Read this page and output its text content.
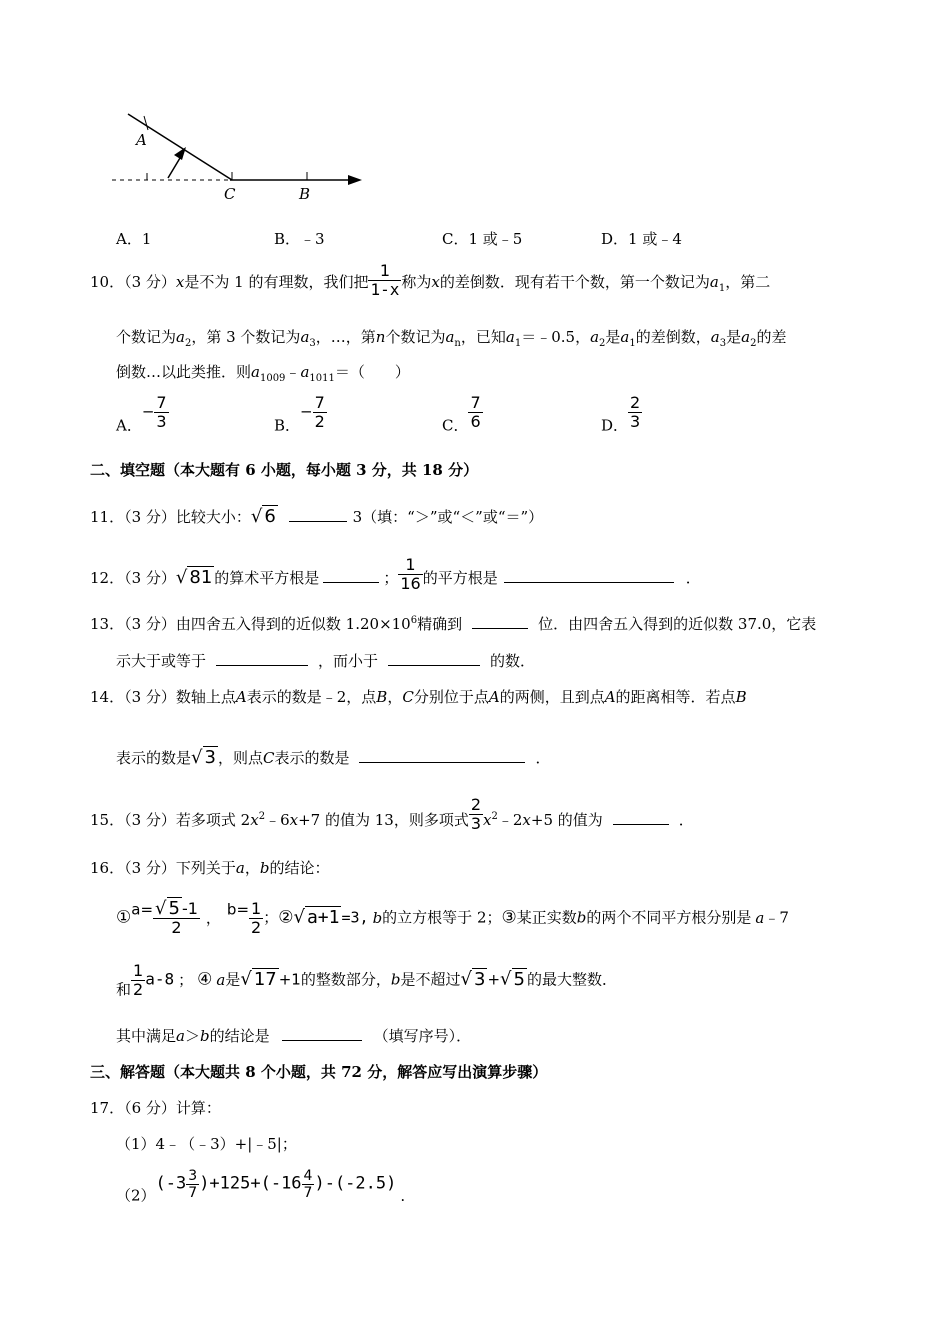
A
C	B
A．1	B．﹣3	C．1 或﹣5	D．1 或﹣4
10．（3 分）x是不为 1 的有理数，我们把 $\frac{1}{1-x}$ 称为x的差倒数．现有若干个数，第一个数记为$a_1$，第二
个数记为$a_2$，第 3 个数记为$a_3$，…，第n个数记为$a_n$，已知$a_1=﹣0.5$，$a_2$是$a_1$的差倒数，$a_3$是$a_2$的差
倒数…以此类推．则$a_{1009}﹣a_{1011}=$（　　）
A．− $\frac{7}{3}$	B．− $\frac{7}{2}$	C． $\frac{7}{6}$	D． $\frac{2}{3}$
二、填空题（本大题有 6 小题，每小题 3 分，共 18 分）
11．（3 分）比较大小：√ 6	3（填：“＞”或“＜”或“＝”）
12．（3 分）√ 81 的算术平方根是	； $\frac{1}{16}$ 的平方根是	．
13．（3 分）由四舍五入得到的近似数 $1.20\times 10^6$精确到	位．由四舍五入得到的近似数 37.0，它表
示大于或等于	，而小于	的数．
14．（3 分）数轴上点A表示的数是﹣2，点B，C分别位于点A的两侧，且到点A的距离相等．若点B
表示的数是√ 3 ，则点C表示的数是	．
15．（3 分）若多项式 $2x^2﹣6x+7$ 的值为 13，则多项式 $\frac{2}{3}$ $x^2﹣2x+5$ 的值为	．
16．（3 分）下列关于a，b的结论：
①a= $\frac{√ 5 -1}{2}$ ， $b= \frac{1}{2}$ ；②√ a+1 =3, b的立方根等于 2；③某正实数b的两个不同平方根分别是 a﹣7
和 $\frac{1}{2} a-8$ ； ④ a是√ 17 +1的整数部分，b是不超过√ 3 +√ 5 的最大整数．
其中满足a＞b的结论是	（填写序号）．
三、解答题（本大题共 8 个小题，共 72 分，解答应写出演算步骤）
17．（6 分）计算：
（1）4﹣（﹣3）+|﹣5|；
$(2)(-3 \frac{3}{7} )+125+(-16 \frac{4}{7} )-(-2.5)$.
